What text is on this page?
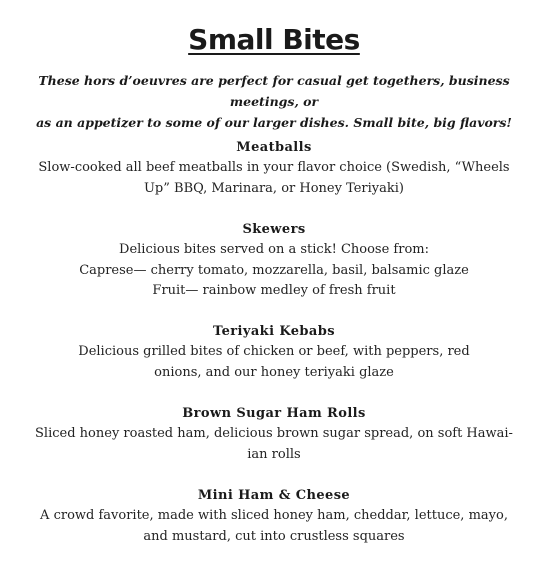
Small Bites

These hors d’oeuvres are perfect for casual get togethers, business meetings, or
as an appetizer to some of our larger dishes. Small bite, big flavors!

Meatballs

Slow-cooked all beef meatballs in your flavor choice (Swedish, “Wheels
Up” BBQ, Marinara, or Honey Teriyaki)

Skewers

Delicious bites served on a stick! Choose from:
Caprese— cherry tomato, mozzarella, basil, balsamic glaze
Fruit— rainbow medley of fresh fruit

Teriyaki Kebabs

Delicious grilled bites of chicken or beef, with peppers, red
onions, and our honey teriyaki glaze

Brown Sugar Ham Rolls

Sliced honey roasted ham, delicious brown sugar spread, on soft Hawai-
ian rolls

Mini Ham & Cheese

A crowd favorite, made with sliced honey ham, cheddar, lettuce, mayo,
and mustard, cut into crustless squares
